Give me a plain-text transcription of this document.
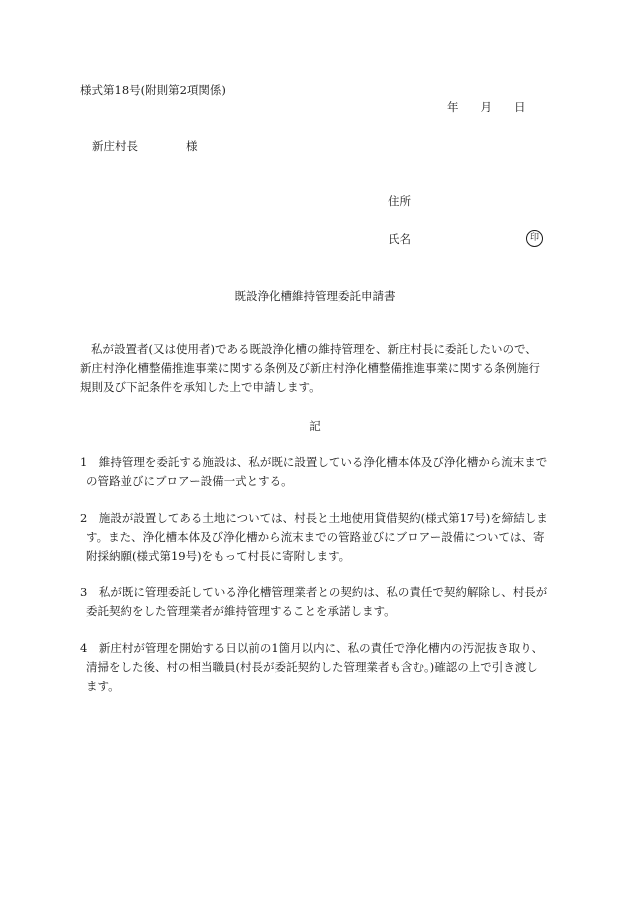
様式第18号(附則第2項関係)
年 月 日
新庄村長	様
住所
氏名	印
既設浄化槽維持管理委託申請書
私が設置者(又は使用者)である既設浄化槽の維持管理を、新庄村長に委託したいので、
新庄村浄化槽整備推進事業に関する条例及び新庄村浄化槽整備推進事業に関する条例施行
規則及び下記条件を承知した上で申請します。
記
1　維持管理を委託する施設は、私が既に設置している浄化槽本体及び浄化槽から流末まで
の管路並びにブロアー設備一式とする。
2　施設が設置してある土地については、村長と土地使用貸借契約(様式第17号)を締結しま
す。また、浄化槽本体及び浄化槽から流末までの管路並びにブロアー設備については、寄
附採納願(様式第19号)をもって村長に寄附します。
3　私が既に管理委託している浄化槽管理業者との契約は、私の責任で契約解除し、村長が
委託契約をした管理業者が維持管理することを承諾します。
4　新庄村が管理を開始する日以前の1箇月以内に、私の責任で浄化槽内の汚泥抜き取り、
清掃をした後、村の相当職員(村長が委託契約した管理業者も含む。)確認の上で引き渡し
ます。
